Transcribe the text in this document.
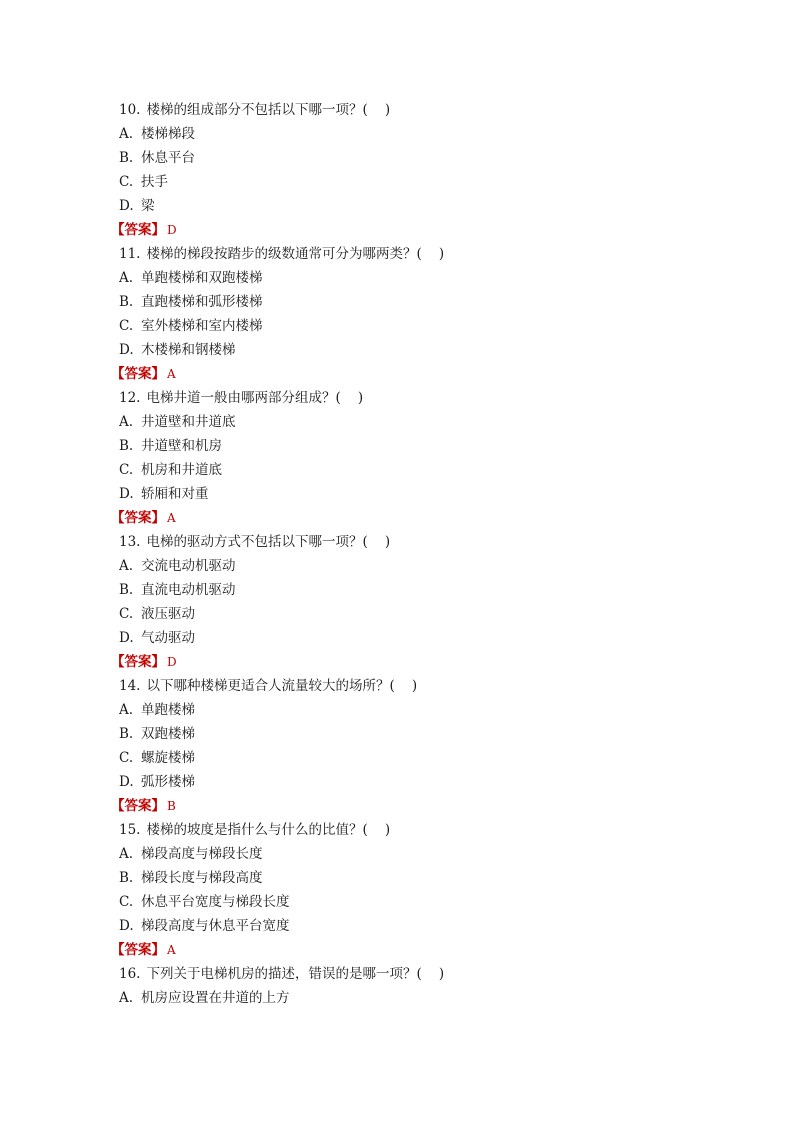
10. 楼梯的组成部分不包括以下哪一项？(    )
A. 楼梯梯段
B. 休息平台
C. 扶手
D. 梁
【答案】 D
11. 楼梯的梯段按踏步的级数通常可分为哪两类？(    )
A. 单跑楼梯和双跑楼梯
B. 直跑楼梯和弧形楼梯
C. 室外楼梯和室内楼梯
D. 木楼梯和钢楼梯
【答案】 A
12. 电梯井道一般由哪两部分组成？(    )
A. 井道壁和井道底
B. 井道壁和机房
C. 机房和井道底
D. 轿厢和对重
【答案】 A
13. 电梯的驱动方式不包括以下哪一项？(    )
A. 交流电动机驱动
B. 直流电动机驱动
C. 液压驱动
D. 气动驱动
【答案】 D
14. 以下哪种楼梯更适合人流量较大的场所？(    )
A. 单跑楼梯
B. 双跑楼梯
C. 螺旋楼梯
D. 弧形楼梯
【答案】 B
15. 楼梯的坡度是指什么与什么的比值？(    )
A. 梯段高度与梯段长度
B. 梯段长度与梯段高度
C. 休息平台宽度与梯段长度
D. 梯段高度与休息平台宽度
【答案】 A
16. 下列关于电梯机房的描述，错误的是哪一项？(    )
A. 机房应设置在井道的上方
